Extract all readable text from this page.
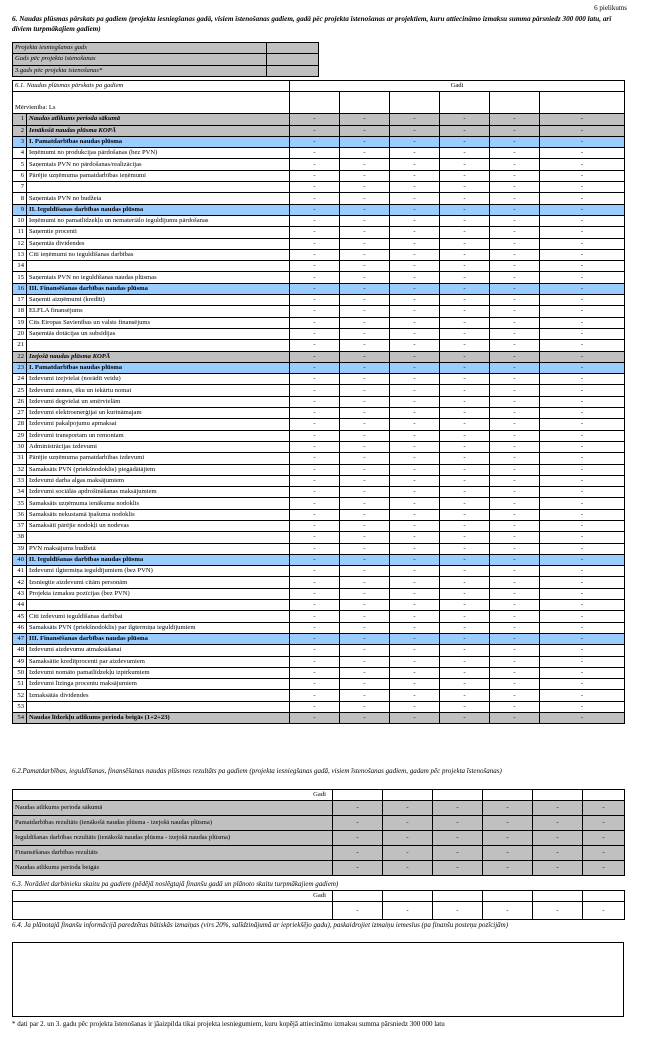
6 pielikums
6. Naudas plūsmas pārskats pa gadiem (projekta iesniegšanas gadā, visiem īstenošanas gadiem, gadā pēc projekta īstenošanas ar projektiem, kuru attiecināmo izmaksu summa pārsniedz 300 000 latu, arī diviem turpmākajiem gadiem)
Projekta iesniegšanas gads	
Gads pēc projekta īstenošanas	
3.gads pēc projekta īstenošanas*	
6.1. Naudas plūsmas pārskats pa gadiem		Gadi					
Mērvienība: Ls							
1	Naudas atlikums perioda sākumā	-	-	-	-	-	-
2	Ienākošā naudas plūsma KOPĀ	-	-	-	-	-	-
3	I. Pamatdarbības naudas plūsma	-	-	-	-	-	-
4	Ieņēmumi no produkcijas pārdošanas (bez PVN)	-	-	-	-	-	-
5	Saņemtais PVN no pārdošanas/realizācijas	-	-	-	-	-	-
6	Pārējie uzņēmuma pamatdarbības ieņēmumi	-	-	-	-	-	-
7		-	-	-	-	-	-
8	Saņemtais PVN no budžeta	-	-	-	-	-	-
9	II. Ieguldīšanas darbības naudas plūsma	-	-	-	-	-	-
10	Ieņēmumi no pamatlīdzekļu un nemateriālo ieguldījumu pārdošanas	-	-	-	-	-	-
11	Saņemtie procenti	-	-	-	-	-	-
12	Saņemtās dividendes	-	-	-	-	-	-
13	Citi ieņēmumi no ieguldīšanas darbības	-	-	-	-	-	-
14		-	-	-	-	-	-
15	Saņemtais PVN no ieguldīšanas naudas plūsmas	-	-	-	-	-	-
16	III. Finansēšanas darbības naudas plūsma	-	-	-	-	-	-
17	Saņemti aizņēmumi (kredīti)	-	-	-	-	-	-
18	ELFLA finansējums	-	-	-	-	-	-
19	Cits Eiropas Savienības un valsts finansējums	-	-	-	-	-	-
20	Saņemtās dotācijas un subsīdijas	-	-	-	-	-	-
21		-	-	-	-	-	-
22	Izejošā naudas plūsma KOPĀ	-	-	-	-	-	-
23	I. Pamatdarbības naudas plūsma	-	-	-	-	-	-
24	Izdevumi izejvielai (norādīt veidu)	-	-	-	-	-	-
25	Izdevumi zemes, ēku un iekārtu nomai	-	-	-	-	-	-
26	Izdevumi degvielai un smērvielām	-	-	-	-	-	-
27	Izdevumi elektroenerģijai un kurināmajam	-	-	-	-	-	-
28	Izdevumi pakalpojumu apmaksai	-	-	-	-	-	-
29	Izdevumi transportam un remontam	-	-	-	-	-	-
30	Administrācijas izdevumi	-	-	-	-	-	-
31	Pārējie uzņēmuma pamatdarbības izdevumi	-	-	-	-	-	-
32	Samaksāts PVN (priekšnodoklis) piegādātājiem	-	-	-	-	-	-
33	Izdevumi darba algas maksājumiem	-	-	-	-	-	-
34	Izdevumi sociālās apdrošināšanas maksājumiem	-	-	-	-	-	-
35	Samaksāts uzņēmuma ienākuma nodoklis	-	-	-	-	-	-
36	Samaksāts nekustamā īpašuma nodoklis	-	-	-	-	-	-
37	Samaksāti pārējie nodokļi un nodevas	-	-	-	-	-	-
38		-	-	-	-	-	-
39	PVN maksājums budžetā	-	-	-	-	-	-
40	II. Ieguldīšanas darbības naudas plūsma	-	-	-	-	-	-
41	Izdevumi ilgtermiņa ieguldījumiem (bez PVN)	-	-	-	-	-	-
42	Izsniegtie aizdevumi citām personām	-	-	-	-	-	-
43	Projekta izmaksu pozīcijas (bez PVN)	-	-	-	-	-	-
44		-	-	-	-	-	-
45	Citi izdevumi ieguldīšanas darbībai	-	-	-	-	-	-
46	Samaksāts PVN (priekšnodoklis) par ilgtermiņa ieguldījumiem	-	-	-	-	-	-
47	III. Finansēšanas darbības naudas plūsma	-	-	-	-	-	-
48	Izdevumi aizdevumu atmaksāšanai	-	-	-	-	-	-
49	Samaksātie kredītprocenti par aizdevumiem	-	-	-	-	-	-
50	Izdevumi nomāto pamatlīdzekļu izpirkumiem	-	-	-	-	-	-
51	Izdevumi līzinga procentu maksājumiem	-	-	-	-	-	-
52	Izmaksātās dividendes	-	-	-	-	-	-
53		-	-	-	-	-	-
54	Naudas līdzekļu atlikums perioda beigās (1+2+23)	-	-	-	-	-	-
6.2.Pamatdarbības, ieguldīšanas, finansēšanas naudas plūsmas rezultāts pa gadiem (projekta iesniegšanas gadā, visiem īstenošanas gadiem, gadam pēc projekta īstenošanas)
Gadi						
Naudas atlikums perioda sākumā	-	-	-	-	-	-
Pamatdarbības rezultāts (ienākošā naudas plūsma - izejošā naudas plūsma)	-	-	-	-	-	-
Ieguldīšanas darbības rezultāts (ienākošā naudas plūsma - izejošā naudas plūsma)	-	-	-	-	-	-
Finansēšanas darbības rezultāts	-	-	-	-	-	-
Naudas atlikums perioda beigās	-	-	-	-	-	-
6.3. Norādiet darbinieku skaitu pa gadiem (pēdējā noslēgtajā finanšu gadā un plānoto skaitu turpmākajiem gadiem)
Gadi						
	-	-	-	-	-	-
6.4. Ja plānotajā finanšu informācijā paredzētas būtiskās izmaiņas (virs 20%, salīdzinājumā ar iepriekšējo gadu), paskaidrojiet izmaiņu iemeslus (pa finanšu posteņu pozīcijām)
* dati par 2. un 3. gadu pēc projekta īstenošanas ir jāaizpilda tikai projekta iesniegumiem, kuru kopējā attiecināmo izmaksu summa pārsniedz 300 000 latu
